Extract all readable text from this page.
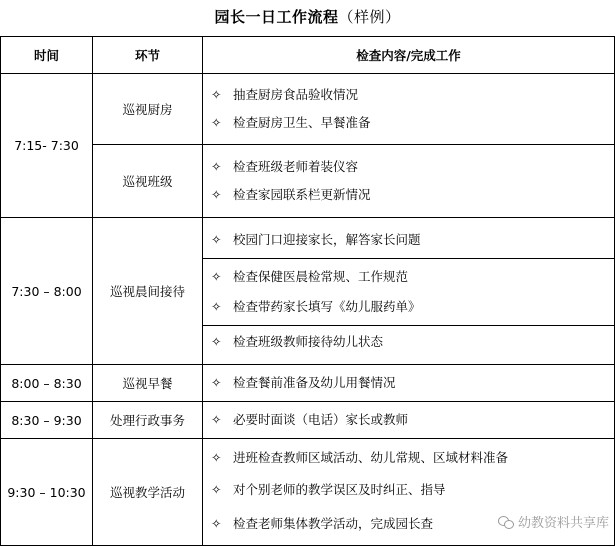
园长一日工作流程（样例）
时间	环节	检查内容/完成工作
7:15- 7:30	巡视厨房	✧ 抽查厨房食品验收情况
✧ 检查厨房卫生、早餐准备

	巡视班级	✧ 检查班级老师着装仪容
✧ 检查家园联系栏更新情况

7:30 – 8:00	巡视晨间接待	✧ 校园门口迎接家长，解答家长问题
✧ 检查保健医晨检常规、工作规范
✧ 检查带药家长填写《幼儿服药单》
✧ 检查班级教师接待幼儿状态

8:00 – 8:30	巡视早餐	✧ 检查餐前准备及幼儿用餐情况

8:30 – 9:30	处理行政事务	✧ 必要时面谈（电话）家长或教师

9:30 – 10:30	巡视教学活动	✧ 进班检查教师区域活动、幼儿常规、区域材料准备
✧ 对个别老师的教学误区及时纠正、指导
✧ 检查老师集体教学活动，完成园长查	幼教资料共享库
